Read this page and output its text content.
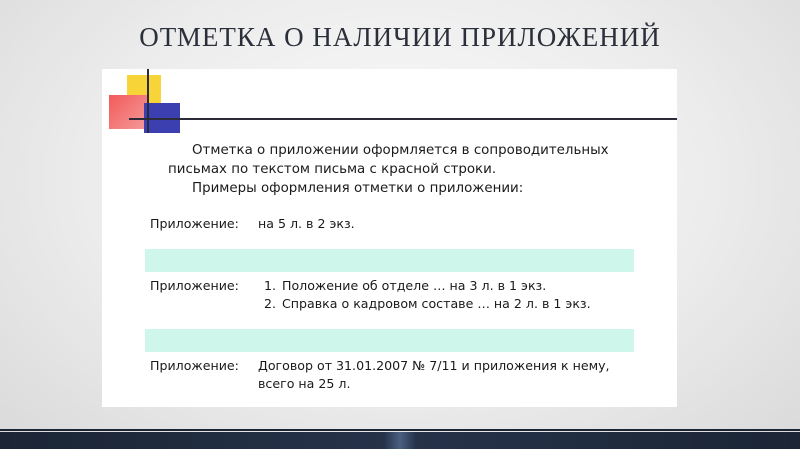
ОТМЕТКА О НАЛИЧИИ ПРИЛОЖЕНИЙ

Отметка о приложении оформляется в сопроводительных письмах по текстом письма с красной строки.

Примеры оформления отметки о приложении:

Приложение:	на 5 л. в 2 экз.
Приложение:
1.	Положение об отделе … на 3 л. в 1 экз.
2. Справка о кадровом составе … на 2 л. в 1 экз.
Приложение:	Договор от 31.01.2007 № 7/11 и приложения к нему, всего на 25 л.
